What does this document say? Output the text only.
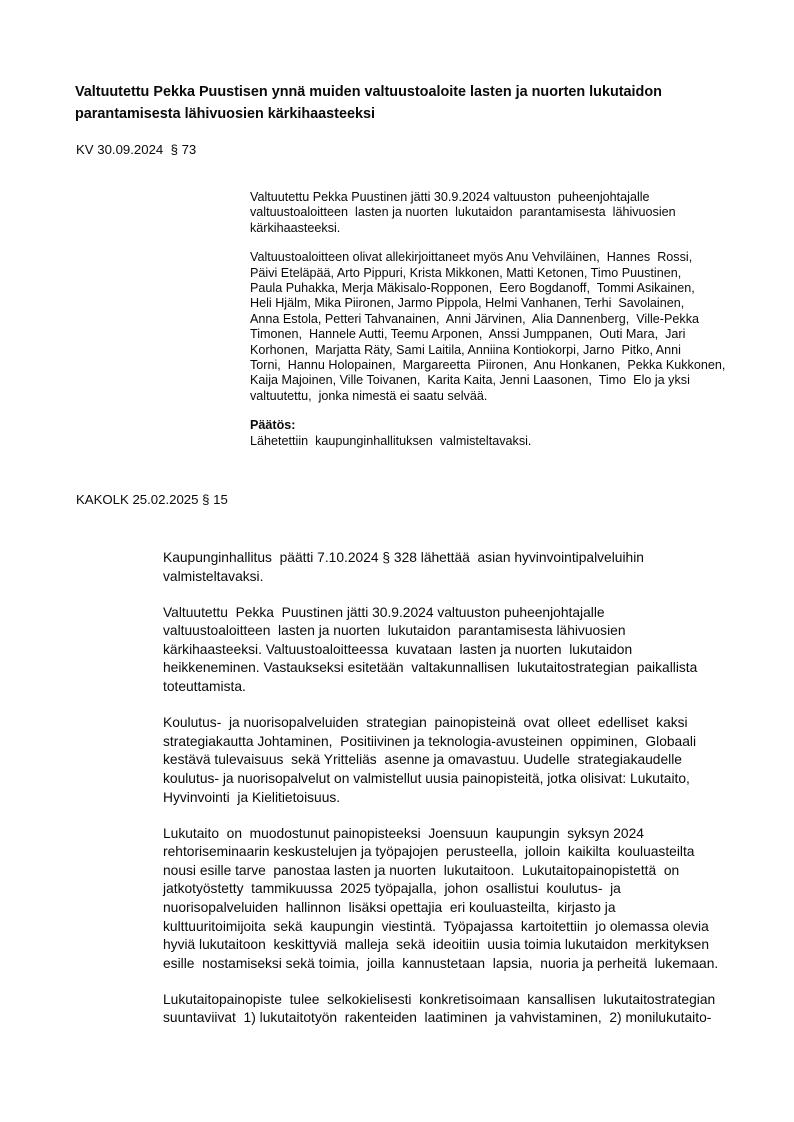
Valtuutettu Pekka Puustisen ynnä muiden valtuustoaloite lasten ja nuorten lukutaidon
parantamisesta lähivuosien kärkihaasteeksi
KV 30.09.2024  § 73
Valtuutettu Pekka Puustinen jätti 30.9.2024 valtuuston  puheenjohtajalle
valtuustoaloitteen  lasten ja nuorten  lukutaidon  parantamisesta  lähivuosien
kärkihaasteeksi.
Valtuustoaloitteen olivat allekirjoittaneet myös Anu Vehviläinen,  Hannes  Rossi,
Päivi Eteläpää, Arto Pippuri, Krista Mikkonen, Matti Ketonen, Timo Puustinen,
Paula Puhakka, Merja Mäkisalo-Ropponen,  Eero Bogdanoff,  Tommi Asikainen,
Heli Hjälm, Mika Piironen, Jarmo Pippola, Helmi Vanhanen, Terhi  Savolainen,
Anna Estola, Petteri Tahvanainen,  Anni Järvinen,  Alia Dannenberg,  Ville-Pekka
Timonen,  Hannele Autti, Teemu Arponen,  Anssi Jumppanen,  Outi Mara,  Jari
Korhonen,  Marjatta Räty, Sami Laitila, Anniina Kontiokorpi, Jarno  Pitko, Anni
Torni,  Hannu Holopainen,  Margareetta  Piironen,  Anu Honkanen,  Pekka Kukkonen,
Kaija Majoinen, Ville Toivanen,  Karita Kaita, Jenni Laasonen,  Timo  Elo ja yksi
valtuutettu,  jonka nimestä ei saatu selvää.
Päätös:
Lähetettiin  kaupunginhallituksen  valmisteltavaksi.
KAKOLK 25.02.2025 § 15
Kaupunginhallitus  päätti 7.10.2024 § 328 lähettää  asian hyvinvointipalveluihin
valmisteltavaksi.
Valtuutettu  Pekka  Puustinen jätti 30.9.2024 valtuuston puheenjohtajalle
valtuustoaloitteen  lasten ja nuorten  lukutaidon  parantamisesta lähivuosien
kärkihaasteeksi. Valtuustoaloitteessa  kuvataan  lasten ja nuorten  lukutaidon
heikkeneminen. Vastaukseksi esitetään  valtakunnallisen  lukutaitostrategian  paikallista
toteuttamista.
Koulutus-  ja nuorisopalveluiden  strategian  painopisteinä  ovat  olleet  edelliset  kaksi
strategiakautta Johtaminen,  Positiivinen ja teknologia-avusteinen  oppiminen,  Globaali
kestävä tulevaisuus  sekä Yritteliäs  asenne ja omavastuu. Uudelle  strategiakaudelle
koulutus- ja nuorisopalvelut on valmistellut uusia painopisteitä, jotka olisivat: Lukutaito,
Hyvinvointi  ja Kielitietoisuus.
Lukutaito  on  muodostunut painopisteeksi  Joensuun  kaupungin  syksyn 2024
rehtoriseminaarin keskustelujen ja työpajojen  perusteella,  jolloin  kaikilta  kouluasteilta
nousi esille tarve  panostaa lasten ja nuorten  lukutaitoon.  Lukutaitopainopistettä  on
jatkotyöstetty  tammikuussa  2025 työpajalla,  johon  osallistui  koulutus-  ja
nuorisopalveluiden  hallinnon  lisäksi opettajia  eri kouluasteilta,  kirjasto ja
kulttuuritoimijoita  sekä  kaupungin  viestintä.  Työpajassa  kartoitettiin  jo olemassa olevia
hyviä lukutaitoon  keskittyviä  malleja  sekä  ideoitiin  uusia toimia lukutaidon  merkityksen
esille  nostamiseksi sekä toimia,  joilla  kannustetaan  lapsia,  nuoria ja perheitä  lukemaan.
Lukutaitopainopiste  tulee  selkokielisesti  konkretisoimaan  kansallisen  lukutaitostrategian
suuntaviivat  1) lukutaitotyön  rakenteiden  laatiminen  ja vahvistaminen,  2) monilukutaito-
